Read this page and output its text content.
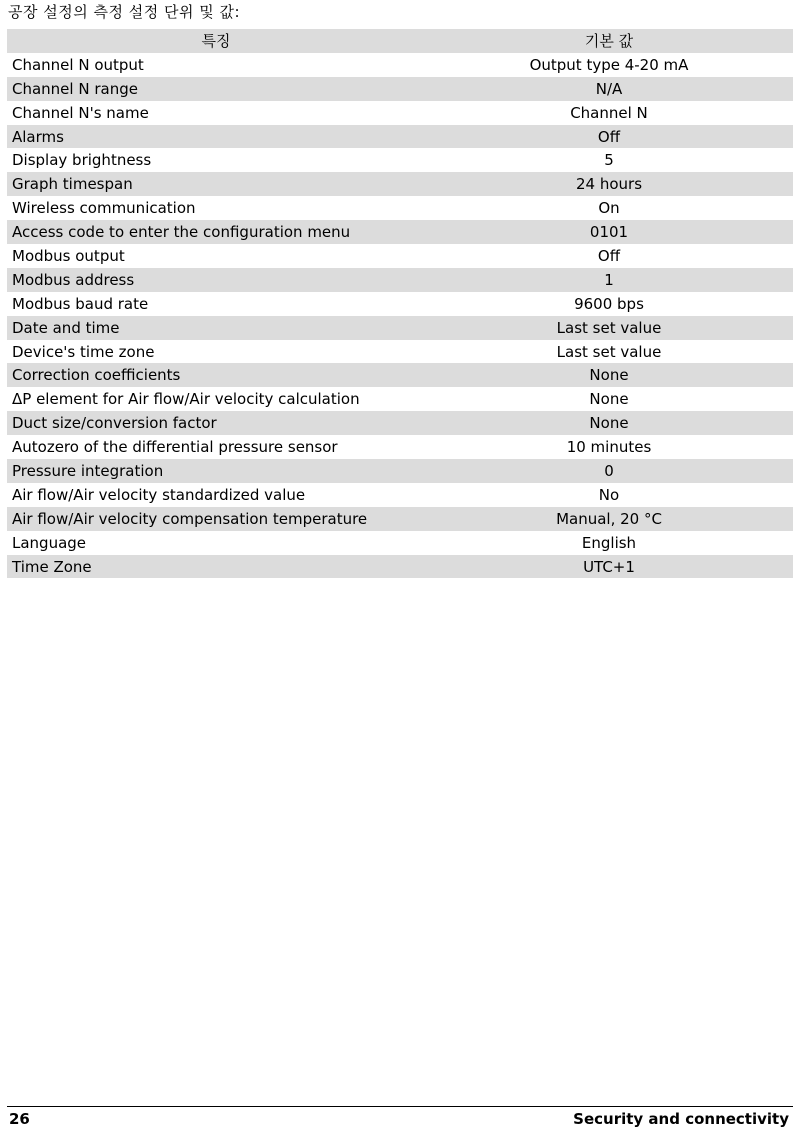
공장 설정의 측정 설정 단위 및 값:
특징	기본 값
Channel N output	Output type 4-20 mA
Channel N range	N/A
Channel N's name	Channel N
Alarms	Off
Display brightness	5
Graph timespan	24 hours
Wireless communication	On
Access code to enter the configuration menu	0101
Modbus output	Off
Modbus address	1
Modbus baud rate	9600 bps
Date and time	Last set value
Device's time zone	Last set value
Correction coefficients	None
ΔP element for Air flow/Air velocity calculation	None
Duct size/conversion factor	None
Autozero of the differential pressure sensor	10 minutes
Pressure integration	0
Air flow/Air velocity standardized value	No
Air flow/Air velocity compensation temperature	Manual, 20 °C
Language	English
Time Zone	UTC+1
26	Security and connectivity
